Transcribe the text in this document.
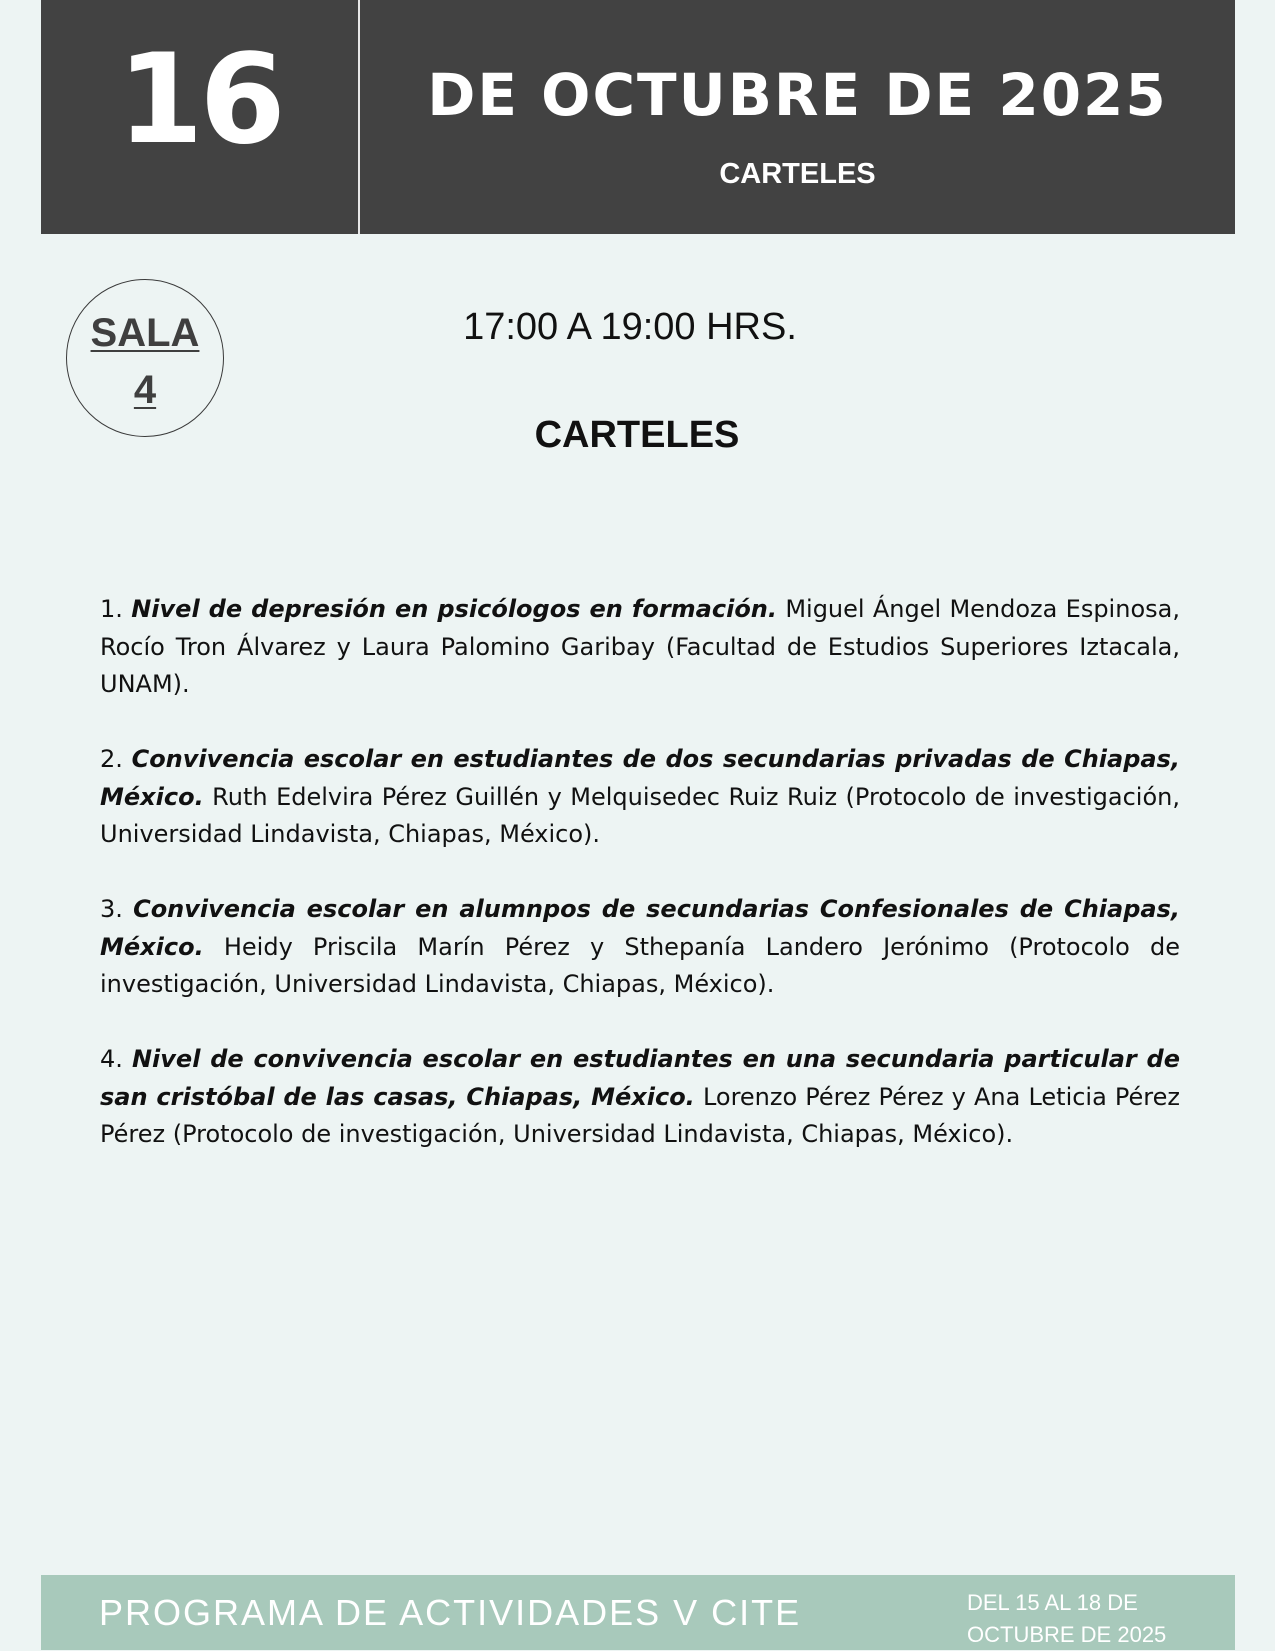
16	DE OCTUBRE DE 2025
CARTELES
SALA
4
17:00 A 19:00 HRS.
CARTELES
1. Nivel de depresión en psicólogos en formación. Miguel Ángel Mendoza Espinosa, Rocío Tron Álvarez y Laura Palomino Garibay (Facultad de Estudios Superiores Iztacala, UNAM).
2. Convivencia escolar en estudiantes de dos secundarias privadas de Chiapas, México. Ruth Edelvira Pérez Guillén y Melquisedec Ruiz Ruiz (Protocolo de investigación, Universidad Lindavista, Chiapas, México).
3. Convivencia escolar en alumnpos de secundarias Confesionales de Chiapas, México. Heidy Priscila Marín Pérez y Sthepanía Landero Jerónimo (Protocolo de investigación, Universidad Lindavista, Chiapas, México).
4. Nivel de convivencia escolar en estudiantes en una secundaria particular de san cristóbal de las casas, Chiapas, México. Lorenzo Pérez Pérez y Ana Leticia Pérez Pérez (Protocolo de investigación, Universidad Lindavista, Chiapas, México).
PROGRAMA DE ACTIVIDADES V CITE	DEL 15 AL 18 DE
OCTUBRE DE 2025
